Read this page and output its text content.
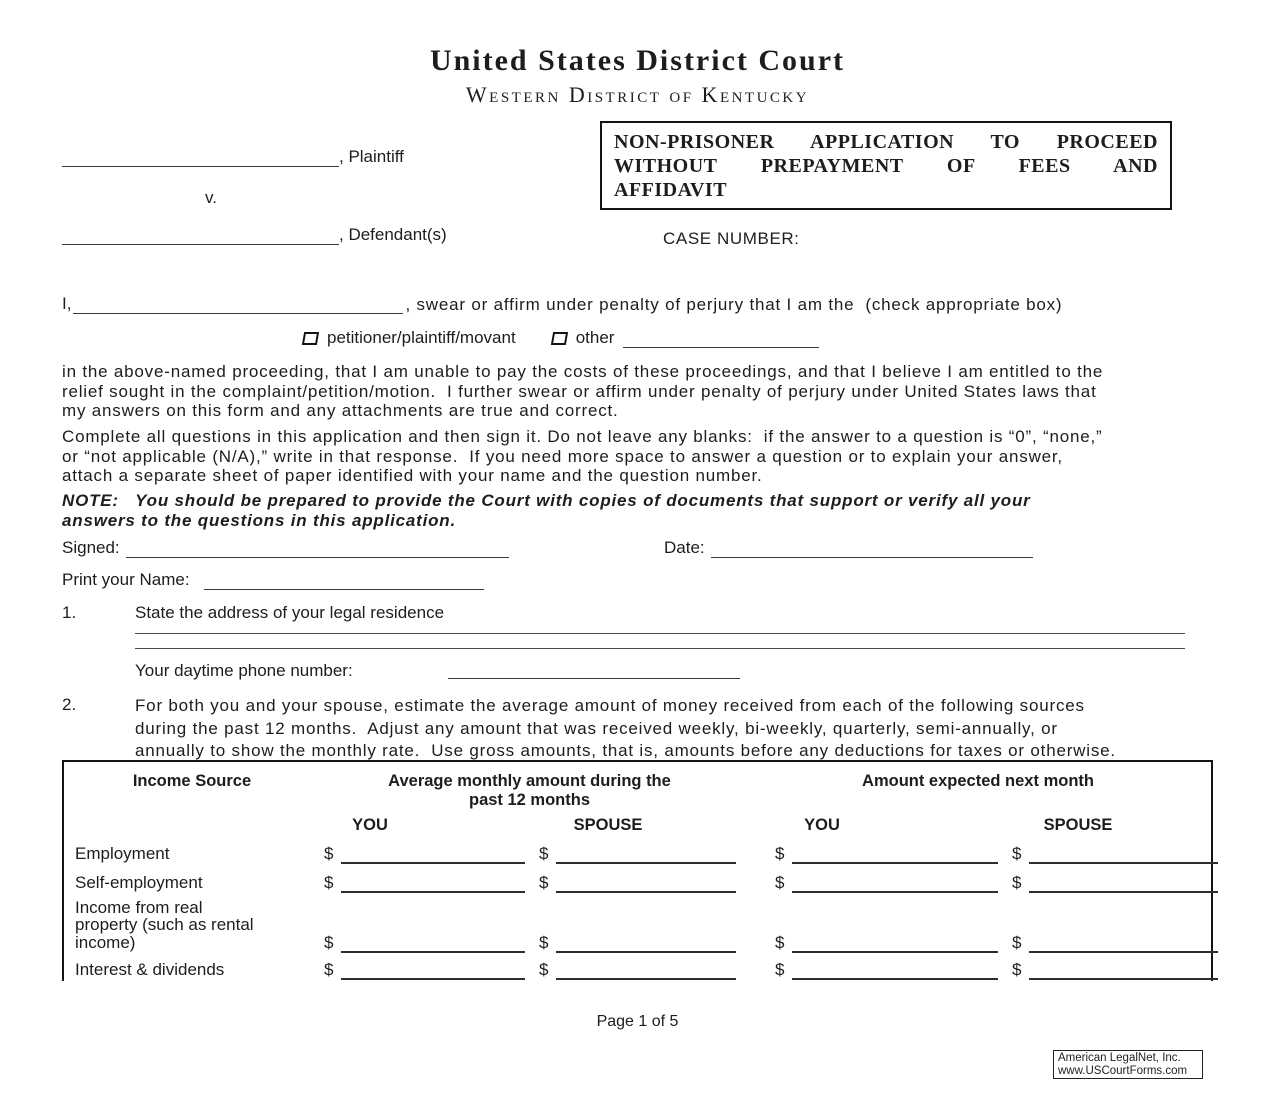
United States District Court
Western District of Kentucky
, Plaintiff
v.
, Defendant(s)
NON-PRISONER APPLICATION TO PROCEED
WITHOUT PREPAYMENT OF FEES AND
AFFIDAVIT
CASE NUMBER:
I,	, swear or affirm under penalty of perjury that I am the  (check appropriate box)
petitioner/plaintiff/movant	other
in the above-named proceeding, that I am unable to pay the costs of these proceedings, and that I believe I am entitled to the
relief sought in the complaint/petition/motion.  I further swear or affirm under penalty of perjury under United States laws that
my answers on this form and any attachments are true and correct.
Complete all questions in this application and then sign it. Do not leave any blanks:  if the answer to a question is “0”, “none,”
or “not applicable (N/A),” write in that response.  If you need more space to answer a question or to explain your answer,
attach a separate sheet of paper identified with your name and the question number.
NOTE:   You should be prepared to provide the Court with copies of documents that support or verify all your
answers to the questions in this application.
Signed:	Date:
Print your Name:
1.	State the address of your legal residence
Your daytime phone number:
2.	For both you and your spouse, estimate the average amount of money received from each of the following sources
during the past 12 months.  Adjust any amount that was received weekly, bi-weekly, quarterly, semi-annually, or
annually to show the monthly rate.  Use gross amounts, that is, amounts before any deductions for taxes or otherwise.
Income Source	Average monthly amount during the
past 12 months
Amount expected next month
YOU	SPOUSE	YOU	SPOUSE
Employment	$	$	$	$
Self-employment	$	$	$	$
Income from real
property (such as rental
income)	$	$	$	$
Interest & dividends	$	$	$	$
Page 1 of 5
American LegalNet, Inc.
www.USCourtForms.com
